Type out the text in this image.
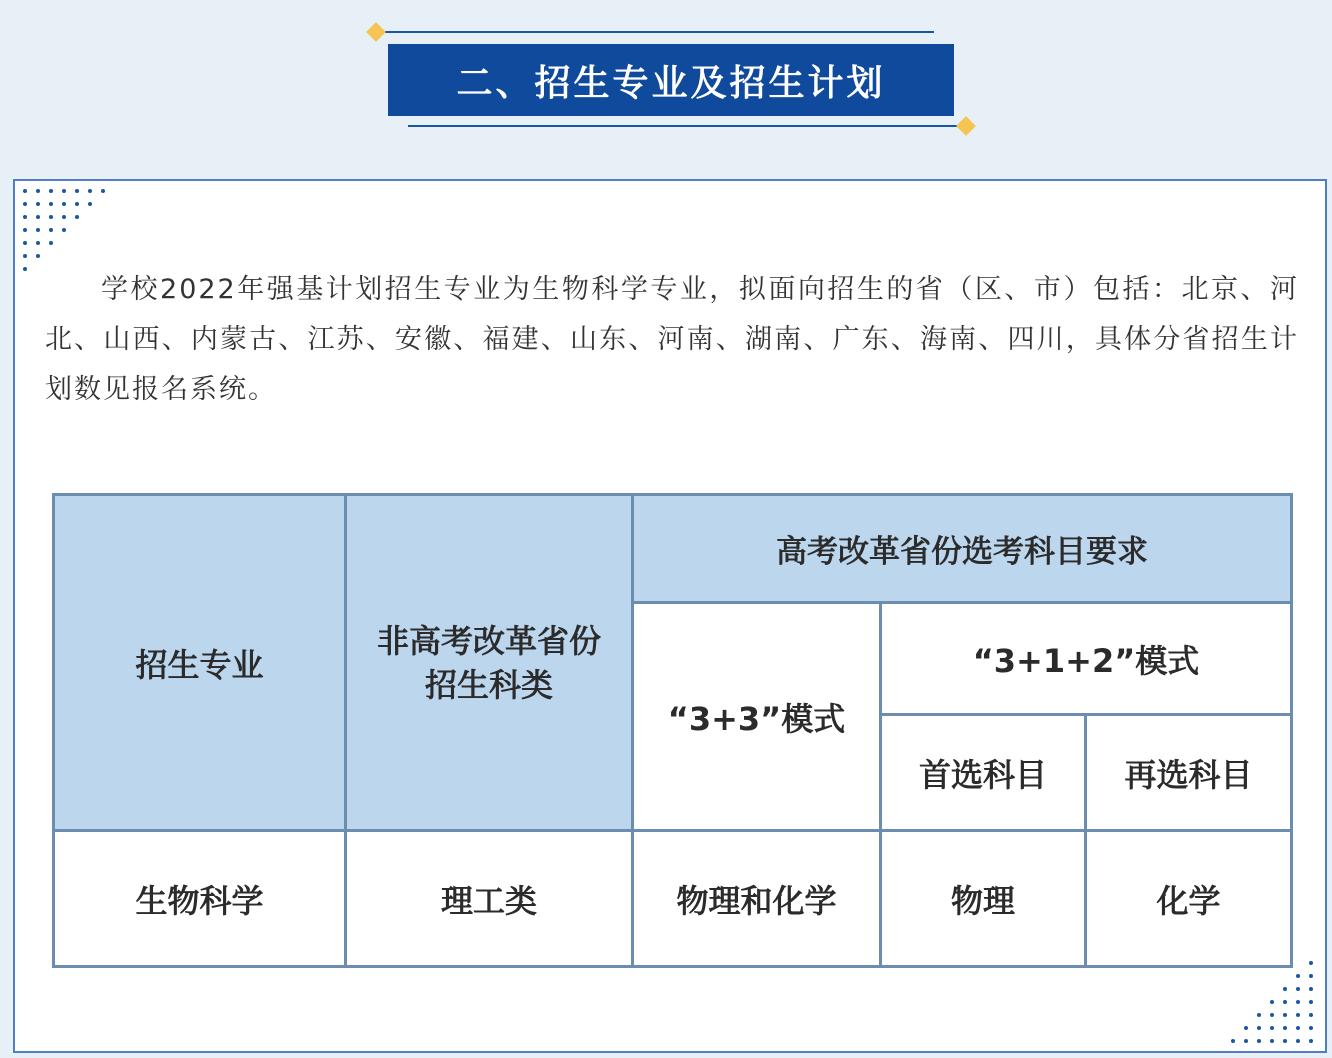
二、招生专业及招生计划
学校2022年强基计划招生专业为生物科学专业，拟面向招生的省（区、市）包括：北京、河北、山西、内蒙古、江苏、安徽、福建、山东、河南、湖南、广东、海南、四川，具体分省招生计划数见报名系统。
招生专业	非高考改革省份招生科类	高考改革省份选考科目要求		
		“3+3”模式	“3+1+2”模式	
			首选科目	再选科目
生物科学	理工类	物理和化学	物理	化学
